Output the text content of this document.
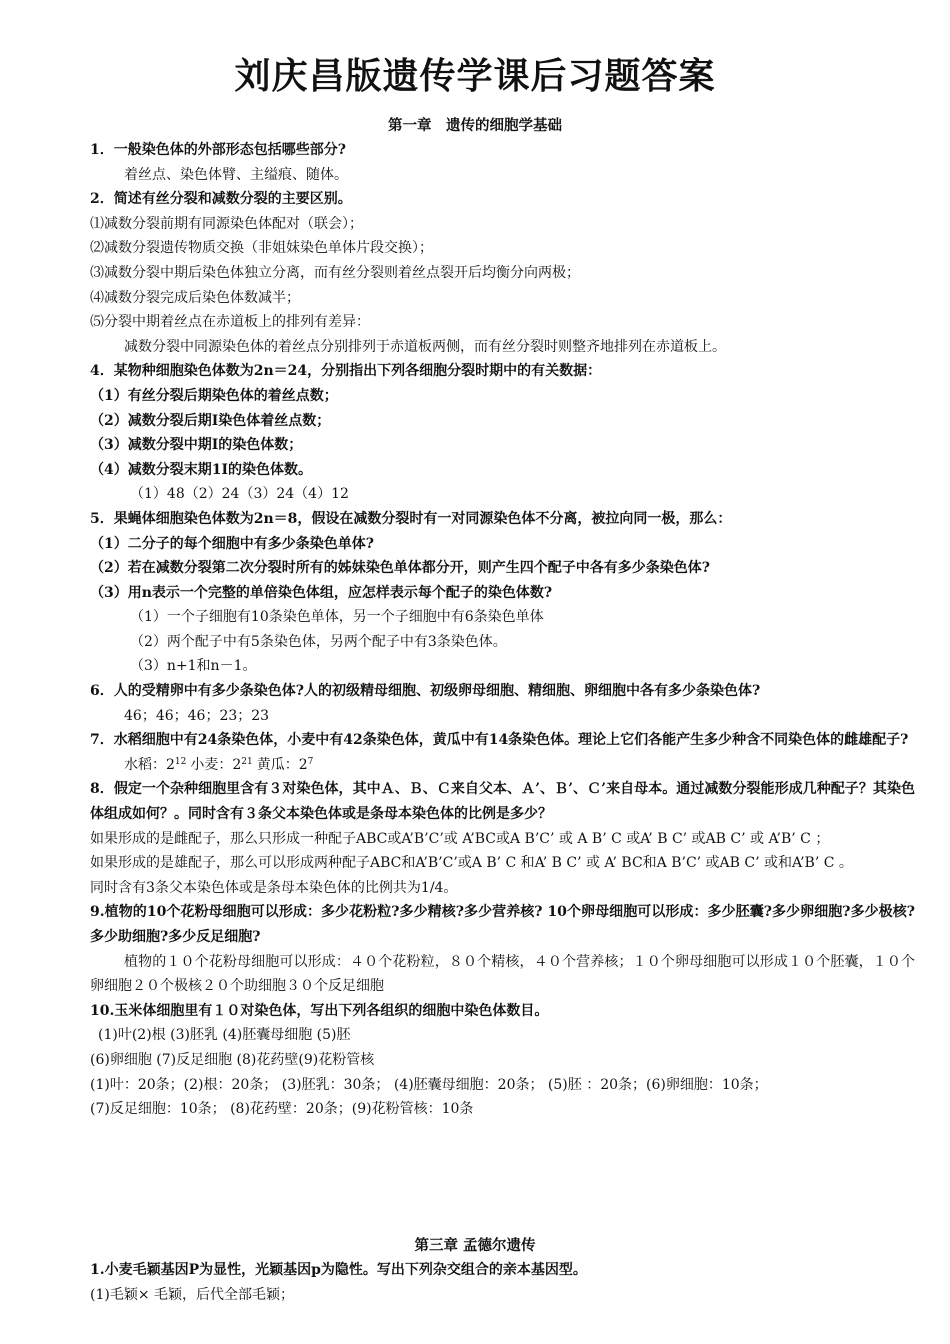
刘庆昌版遗传学课后习题答案
第一章　遗传的细胞学基础
1．一般染色体的外部形态包括哪些部分?
着丝点、染色体臂、主缢痕、随体。
2．简述有丝分裂和减数分裂的主要区别。
⑴减数分裂前期有同源染色体配对（联会）；
⑵减数分裂遗传物质交换（非姐妹染色单体片段交换）；
⑶减数分裂中期后染色体独立分离，而有丝分裂则着丝点裂开后均衡分向两极；
⑷减数分裂完成后染色体数减半；
⑸分裂中期着丝点在赤道板上的排列有差异：
减数分裂中同源染色体的着丝点分别排列于赤道板两侧，而有丝分裂时则整齐地排列在赤道板上。
4．某物种细胞染色体数为2n＝24，分别指出下列各细胞分裂时期中的有关数据：
（1）有丝分裂后期染色体的着丝点数；
（2）减数分裂后期I染色体着丝点数；
（3）减数分裂中期I的染色体数；
（4）减数分裂末期1I的染色体数。
（1）48（2）24（3）24（4）12
5．果蝇体细胞染色体数为2n＝8，假设在减数分裂时有一对同源染色体不分离，被拉向同一极，那么：
（1）二分子的每个细胞中有多少条染色单体?
（2）若在减数分裂第二次分裂时所有的姊妹染色单体都分开，则产生四个配子中各有多少条染色体?
（3）用n表示一个完整的单倍染色体组，应怎样表示每个配子的染色体数?
（1）一个子细胞有10条染色单体，另一个子细胞中有6条染色单体
（2）两个配子中有5条染色体，另两个配子中有3条染色体。
（3）n+1和n－1。
6．人的受精卵中有多少条染色体?人的初级精母细胞、初级卵母细胞、精细胞、卵细胞中各有多少条染色体?
46；46；46；23；23
7．水稻细胞中有24条染色体，小麦中有42条染色体，黄瓜中有14条染色体。理论上它们各能产生多少种含不同染色体的雌雄配子?
水稻：$2^{12}$ 小麦：$2^{21}$ 黄瓜：$2^7$
8．假定一个杂种细胞里含有３对染色体，其中Ａ、Ｂ、Ｃ来自父本、Ａ’、Ｂ’、Ｃ’来自母本。通过减数分裂能形成几种配子？其染色体组成如何？。同时含有３条父本染色体或是条母本染色体的比例是多少？
如果形成的是雌配子，那么只形成一种配子ABC或A’B’C’或 A’BC或A B’C’ 或 A B’ C 或A’ B C’ 或AB C’ 或 A’B’ C ；
如果形成的是雄配子，那么可以形成两种配子ABC和A’B’C’或A B’ C 和A’ B C’ 或 A’ BC和A B’C’ 或AB C’ 或和A’B’ C 。
同时含有3条父本染色体或是条母本染色体的比例共为1/4。
9.植物的10个花粉母细胞可以形成：多少花粉粒?多少精核?多少营养核? 10个卵母细胞可以形成：多少胚囊?多少卵细胞?多少极核?多少助细胞?多少反足细胞?
植物的１０个花粉母细胞可以形成：４０个花粉粒，８０个精核，４０个营养核；１０个卵母细胞可以形成１０个胚囊，１０个卵细胞２０个极核２０个助细胞３０个反足细胞
10.玉米体细胞里有１０对染色体，写出下列各组织的细胞中染色体数目。
(1)叶(2)根 (3)胚乳 (4)胚囊母细胞 (5)胚
(6)卵细胞 (7)反足细胞 (8)花药壁(9)花粉管核
(1)叶：20条；(2)根：20条； (3)胚乳：30条； (4)胚囊母细胞：20条； (5)胚 ：20条；(6)卵细胞：10条；
(7)反足细胞：10条； (8)花药壁：20条；(9)花粉管核：10条
第三章 孟德尔遗传
1.小麦毛颖基因P为显性，光颖基因p为隐性。写出下列杂交组合的亲本基因型。
(1)毛颖× 毛颖，后代全部毛颖；
